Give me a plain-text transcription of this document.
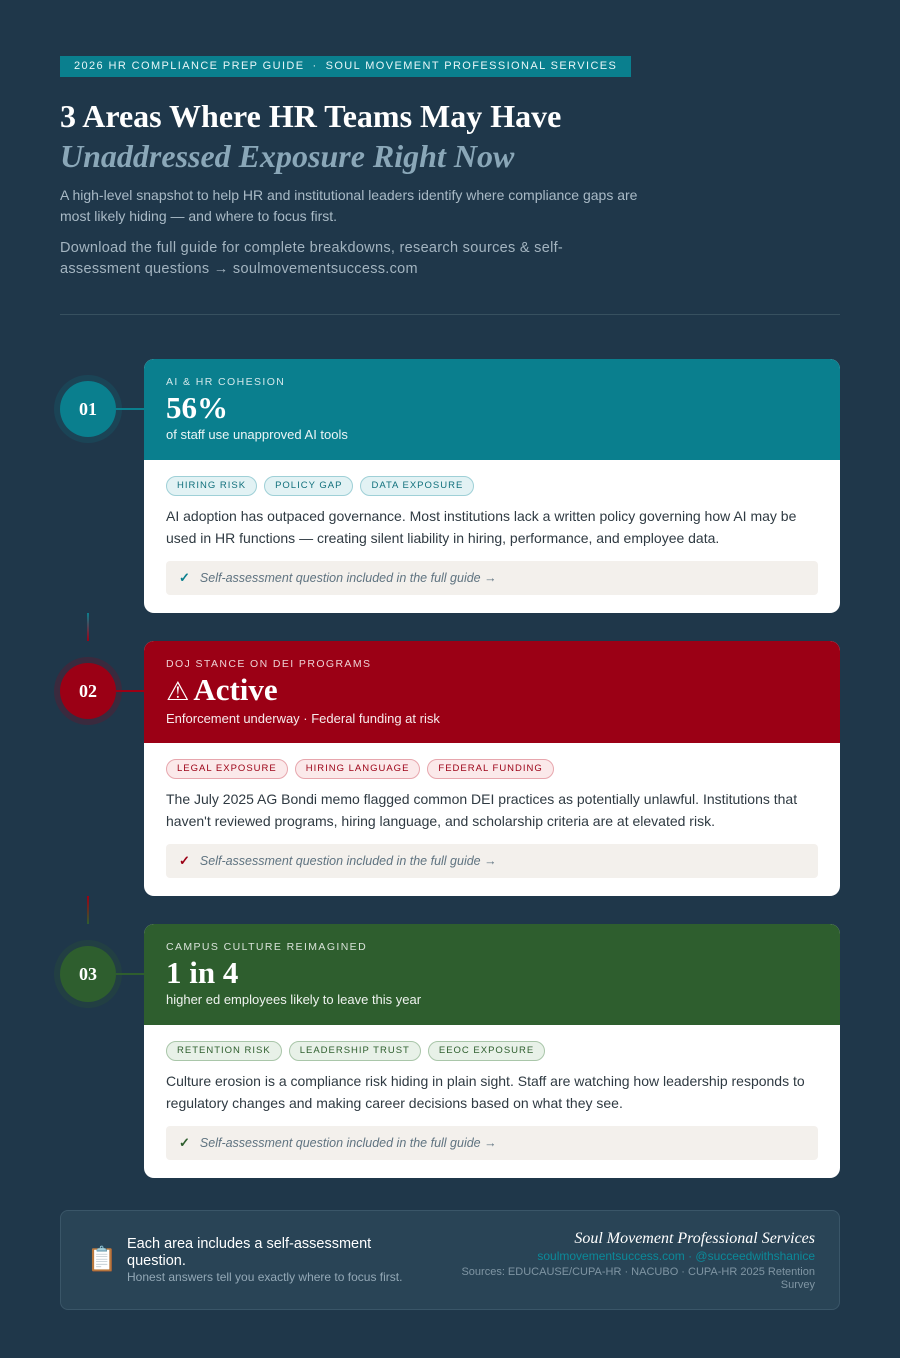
2026 HR COMPLIANCE PREP GUIDE · SOUL MOVEMENT PROFESSIONAL SERVICES
3 Areas Where HR Teams May Have
Unaddressed Exposure Right Now

A high-level snapshot to help HR and institutional leaders identify where compliance gaps are most likely hiding — and where to focus first.

Download the full guide for complete breakdowns, research sources & self-assessment questions → soulmovementsuccess.com

01
02
03
AI & HR COHESION
56%
of staff use unapproved AI tools
HIRING RISK	POLICY GAP	DATA EXPOSURE

AI adoption has outpaced governance. Most institutions lack a written policy governing how AI may be used in HR functions — creating silent liability in hiring, performance, and employee data.

✓ Self-assessment question included in the full guide →
DOJ STANCE ON DEI PROGRAMS
⚠ Active
Enforcement underway · Federal funding at risk
LEGAL EXPOSURE	HIRING LANGUAGE	FEDERAL FUNDING

The July 2025 AG Bondi memo flagged common DEI practices as potentially unlawful. Institutions that haven't reviewed programs, hiring language, and scholarship criteria are at elevated risk.

✓ Self-assessment question included in the full guide →
CAMPUS CULTURE REIMAGINED
1 in 4
higher ed employees likely to leave this year
RETENTION RISK	LEADERSHIP TRUST	EEOC EXPOSURE

Culture erosion is a compliance risk hiding in plain sight. Staff are watching how leadership responds to regulatory changes and making career decisions based on what they see.

✓ Self-assessment question included in the full guide →
📋
Each area includes a self-assessment question.
Honest answers tell you exactly where to focus first.
Soul Movement Professional Services
soulmovementsuccess.com · @succeedwithshanice
Sources: EDUCAUSE/CUPA-HR · NACUBO · CUPA-HR 2025 Retention Survey
